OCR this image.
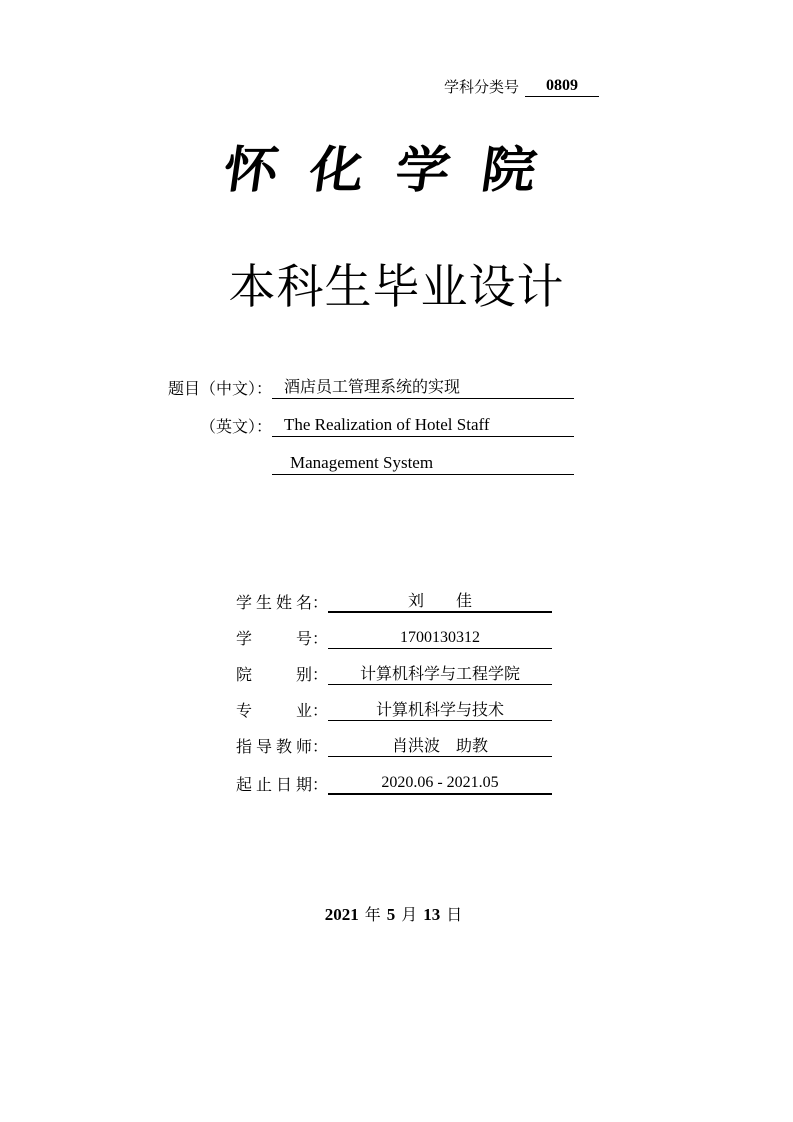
学科分类号	0809
怀化学院
本科生毕业设计
题目（中文）： 酒店员工管理系统的实现
（英文）： The Realization of Hotel Staff
Management System
学 生 姓 名：	刘　　佳
学	号：	1700130312
院	别：	计算机科学与工程学院
专	业：	计算机科学与技术
指 导 教 师：	肖洪波　助教
起 止 日 期：	2020.06 - 2021.05
2021 年 5 月 13 日
